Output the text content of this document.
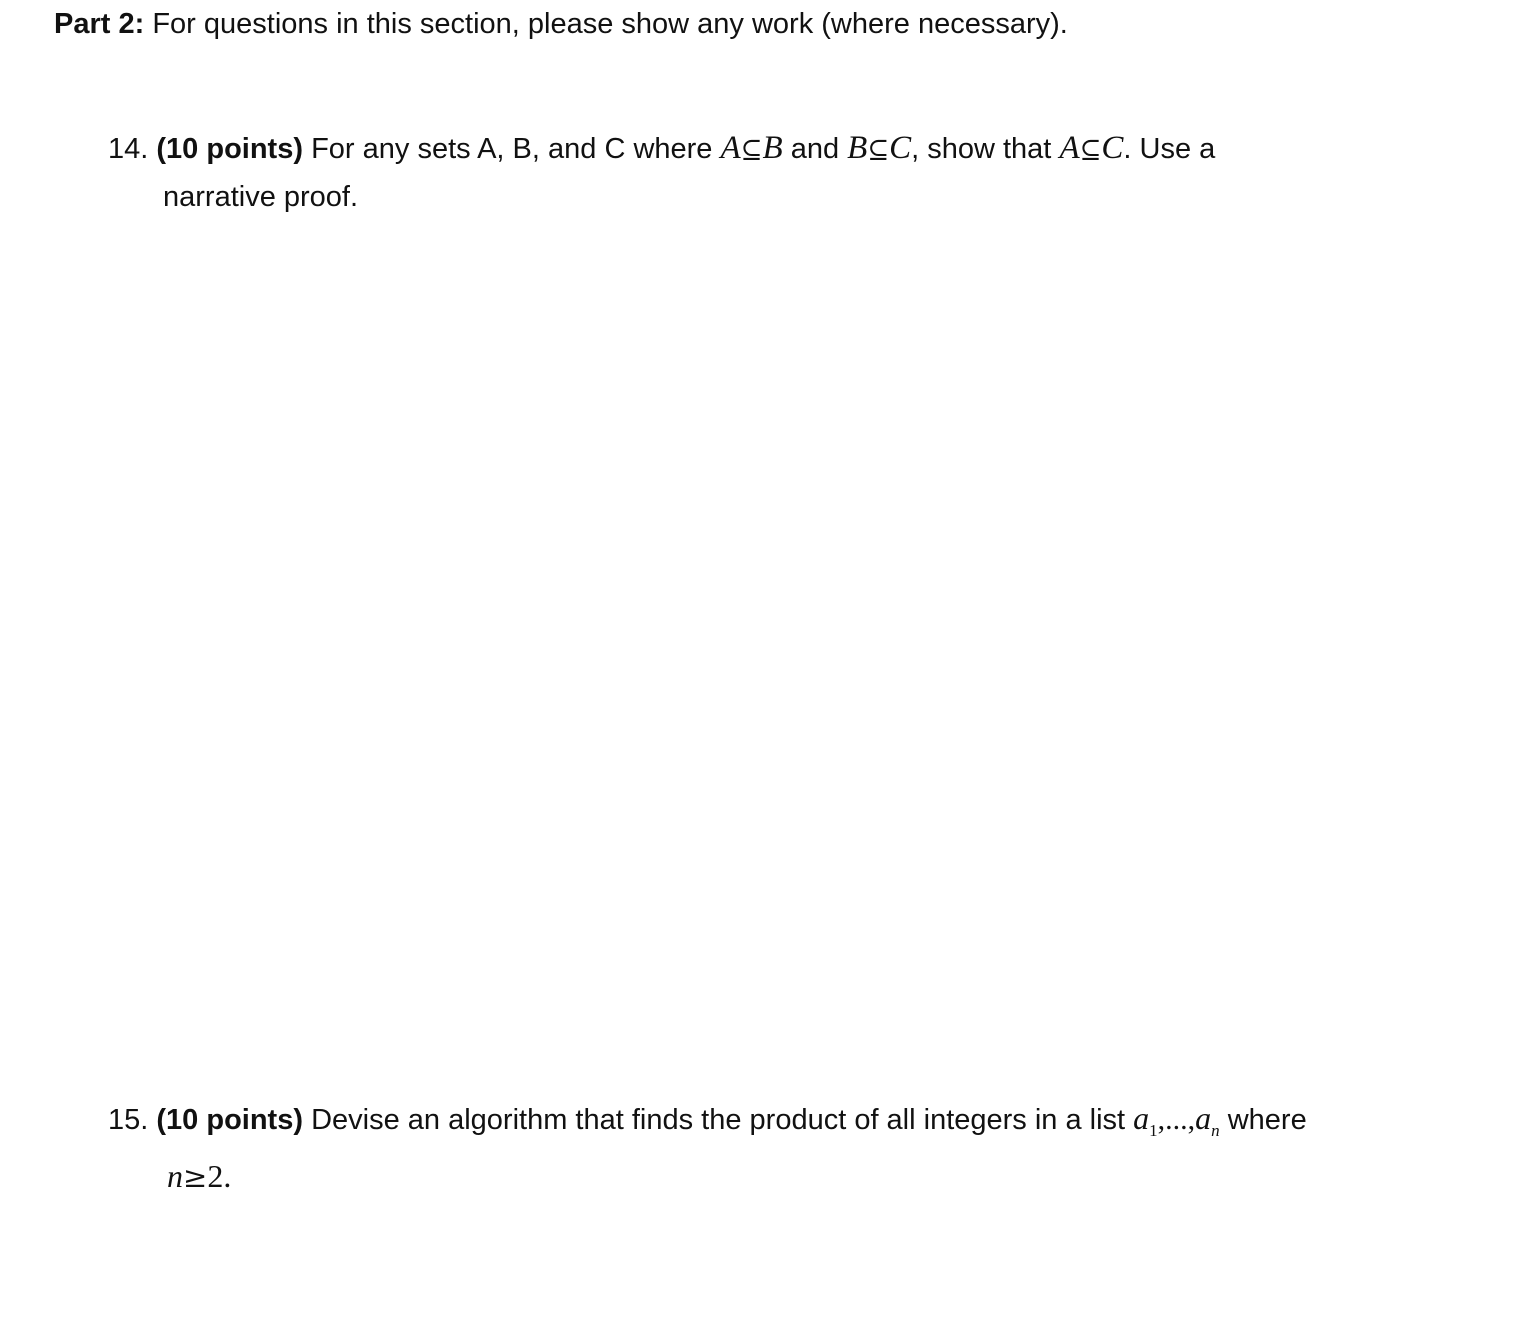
Part 2: For questions in this section, please show any work (where necessary).
14. (10 points) For any sets A, B, and C where A⊆B and B⊆C, show that A⊆C. Use a
narrative proof.
15. (10 points) Devise an algorithm that finds the product of all integers in a list $a_1,...,a_n$ where
n≥2.
